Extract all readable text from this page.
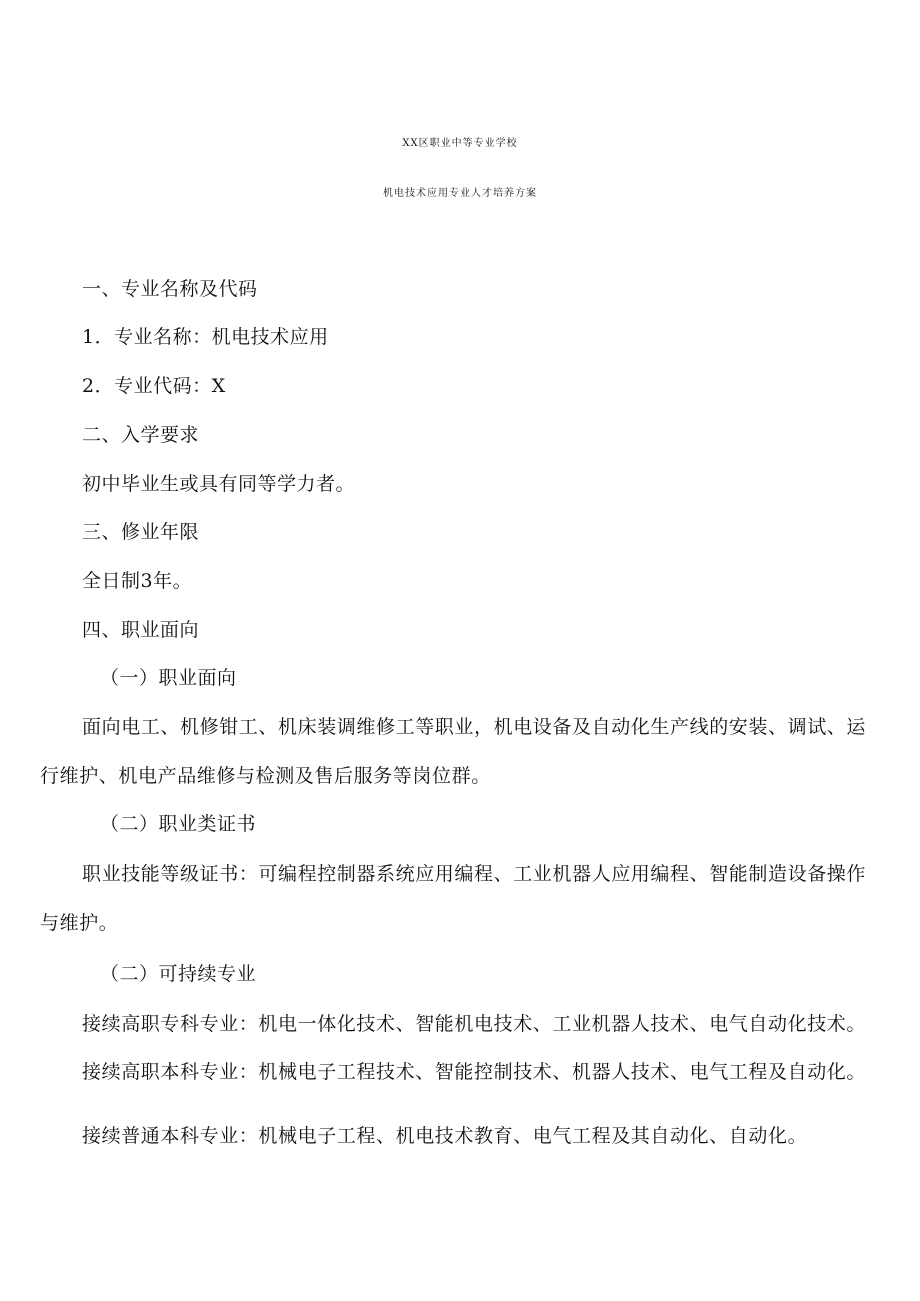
XX区职业中等专业学校
机电技术应用专业人才培养方案
一、专业名称及代码
1．专业名称：机电技术应用
2．专业代码：X
二、入学要求
初中毕业生或具有同等学力者。
三、修业年限
全日制3年。
四、职业面向
（一）职业面向
面向电工、机修钳工、机床装调维修工等职业，机电设备及自动化生产线的安装、调试、运
行维护、机电产品维修与检测及售后服务等岗位群。
（二）职业类证书
职业技能等级证书：可编程控制器系统应用编程、工业机器人应用编程、智能制造设备操作
与维护。
（二）可持续专业
接续高职专科专业：机电一体化技术、智能机电技术、工业机器人技术、电气自动化技术。
接续高职本科专业：机械电子工程技术、智能控制技术、机器人技术、电气工程及自动化。
接续普通本科专业：机械电子工程、机电技术教育、电气工程及其自动化、自动化。
